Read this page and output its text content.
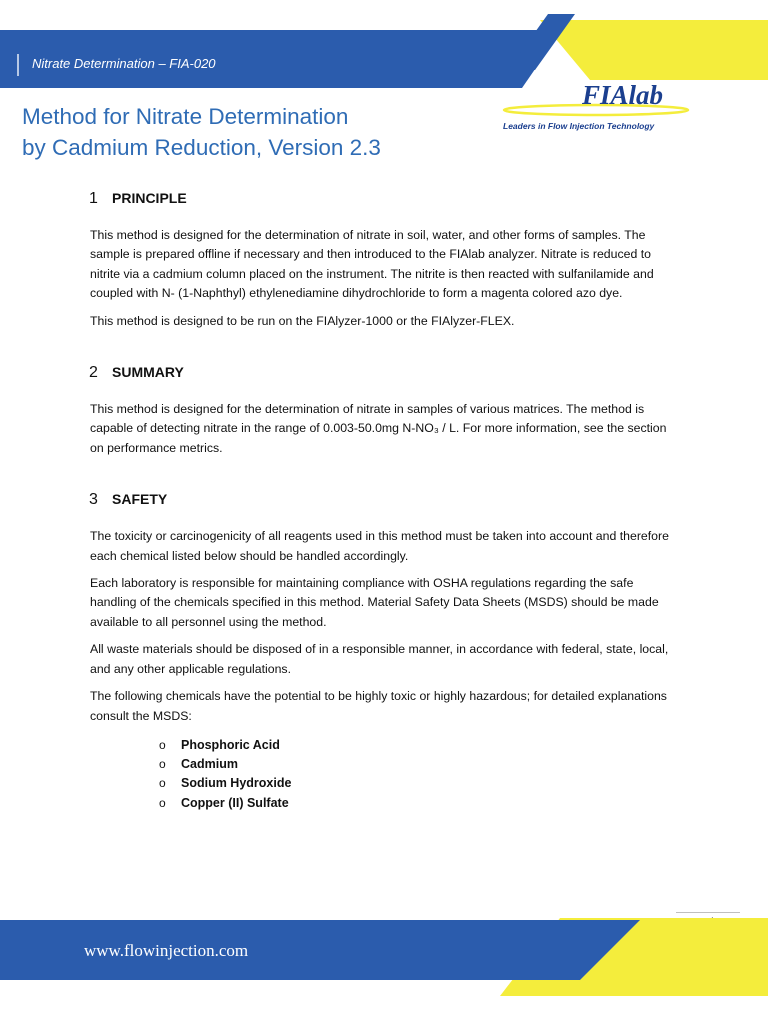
Nitrate Determination – FIA-020
FIAlab
Leaders in Flow Injection Technology
Method for Nitrate Determination
by Cadmium Reduction, Version 2.3
1	PRINCIPLE

This method is designed for the determination of nitrate in soil, water, and other forms of samples. The sample is prepared offline if necessary and then introduced to the FIAlab analyzer. Nitrate is reduced to nitrite via a cadmium column placed on the instrument. The nitrite is then reacted with sulfanilamide and coupled with N- (1-Naphthyl) ethylenediamine dihydrochloride to form a magenta colored azo dye.

This method is designed to be run on the FIAlyzer-1000 or the FIAlyzer-FLEX.

2	SUMMARY

This method is designed for the determination of nitrate in samples of various matrices. The method is capable of detecting nitrate in the range of 0.003-50.0mg N-NO₃ / L. For more information, see the section on performance metrics.

3	SAFETY

The toxicity or carcinogenicity of all reagents used in this method must be taken into account and therefore each chemical listed below should be handled accordingly.

Each laboratory is responsible for maintaining compliance with OSHA regulations regarding the safe handling of the chemicals specified in this method. Material Safety Data Sheets (MSDS) should be made available to all personnel using the method.

All waste materials should be disposed of in a responsible manner, in accordance with federal, state, local, and any other applicable regulations.

The following chemicals have the potential to be highly toxic or highly hazardous; for detailed explanations consult the MSDS:

o	Phosphoric Acid
o	Cadmium
o	Sodium Hydroxide
o	Copper (II) Sulfate
www.flowinjection.com
